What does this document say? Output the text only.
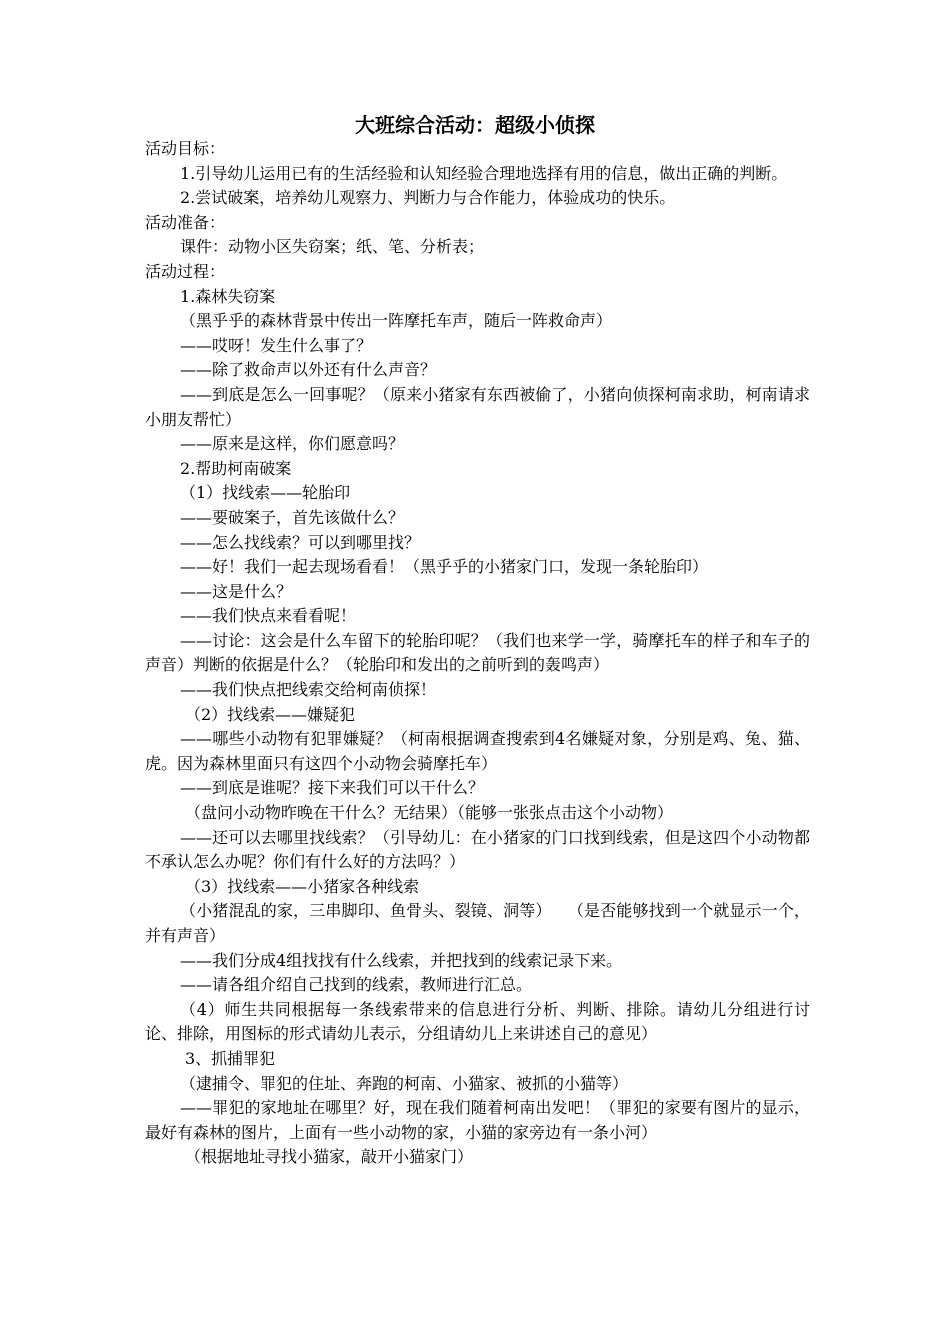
大班综合活动：超级小侦探

活动目标：

1.引导幼儿运用已有的生活经验和认知经验合理地选择有用的信息，做出正确的判断。

2.尝试破案，培养幼儿观察力、判断力与合作能力，体验成功的快乐。

活动准备：

课件：动物小区失窃案；纸、笔、分析表；

活动过程：

1.森林失窃案

（黑乎乎的森林背景中传出一阵摩托车声，随后一阵救命声）

——哎呀！发生什么事了？

——除了救命声以外还有什么声音？

——到底是怎么一回事呢？（原来小猪家有东西被偷了，小猪向侦探柯南求助，柯南请求小朋友帮忙）

——原来是这样，你们愿意吗？

2.帮助柯南破案

（1）找线索——轮胎印

——要破案子，首先该做什么？

——怎么找线索？可以到哪里找？

——好！我们一起去现场看看！（黑乎乎的小猪家门口，发现一条轮胎印）

——这是什么？

——我们快点来看看呢！

——讨论：这会是什么车留下的轮胎印呢？（我们也来学一学，骑摩托车的样子和车子的声音）判断的依据是什么？（轮胎印和发出的之前听到的轰鸣声）

——我们快点把线索交给柯南侦探！

（2）找线索——嫌疑犯

——哪些小动物有犯罪嫌疑？（柯南根据调查搜索到4名嫌疑对象，分别是鸡、兔、猫、虎。因为森林里面只有这四个小动物会骑摩托车）

——到底是谁呢？接下来我们可以干什么？

（盘问小动物昨晚在干什么？无结果）（能够一张张点击这个小动物）

——还可以去哪里找线索？（引导幼儿：在小猪家的门口找到线索，但是这四个小动物都不承认怎么办呢？你们有什么好的方法吗？）

（3）找线索——小猪家各种线索

（小猪混乱的家，三串脚印、鱼骨头、裂镜、洞等）　　（是否能够找到一个就显示一个，并有声音）

——我们分成4组找找有什么线索，并把找到的线索记录下来。

——请各组介绍自己找到的线索，教师进行汇总。

（4）师生共同根据每一条线索带来的信息进行分析、判断、排除。请幼儿分组进行讨论、排除，用图标的形式请幼儿表示，分组请幼儿上来讲述自己的意见）

3、抓捕罪犯

（逮捕令、罪犯的住址、奔跑的柯南、小猫家、被抓的小猫等）

——罪犯的家地址在哪里？好，现在我们随着柯南出发吧！（罪犯的家要有图片的显示，最好有森林的图片，上面有一些小动物的家，小猫的家旁边有一条小河）

（根据地址寻找小猫家，敲开小猫家门）
